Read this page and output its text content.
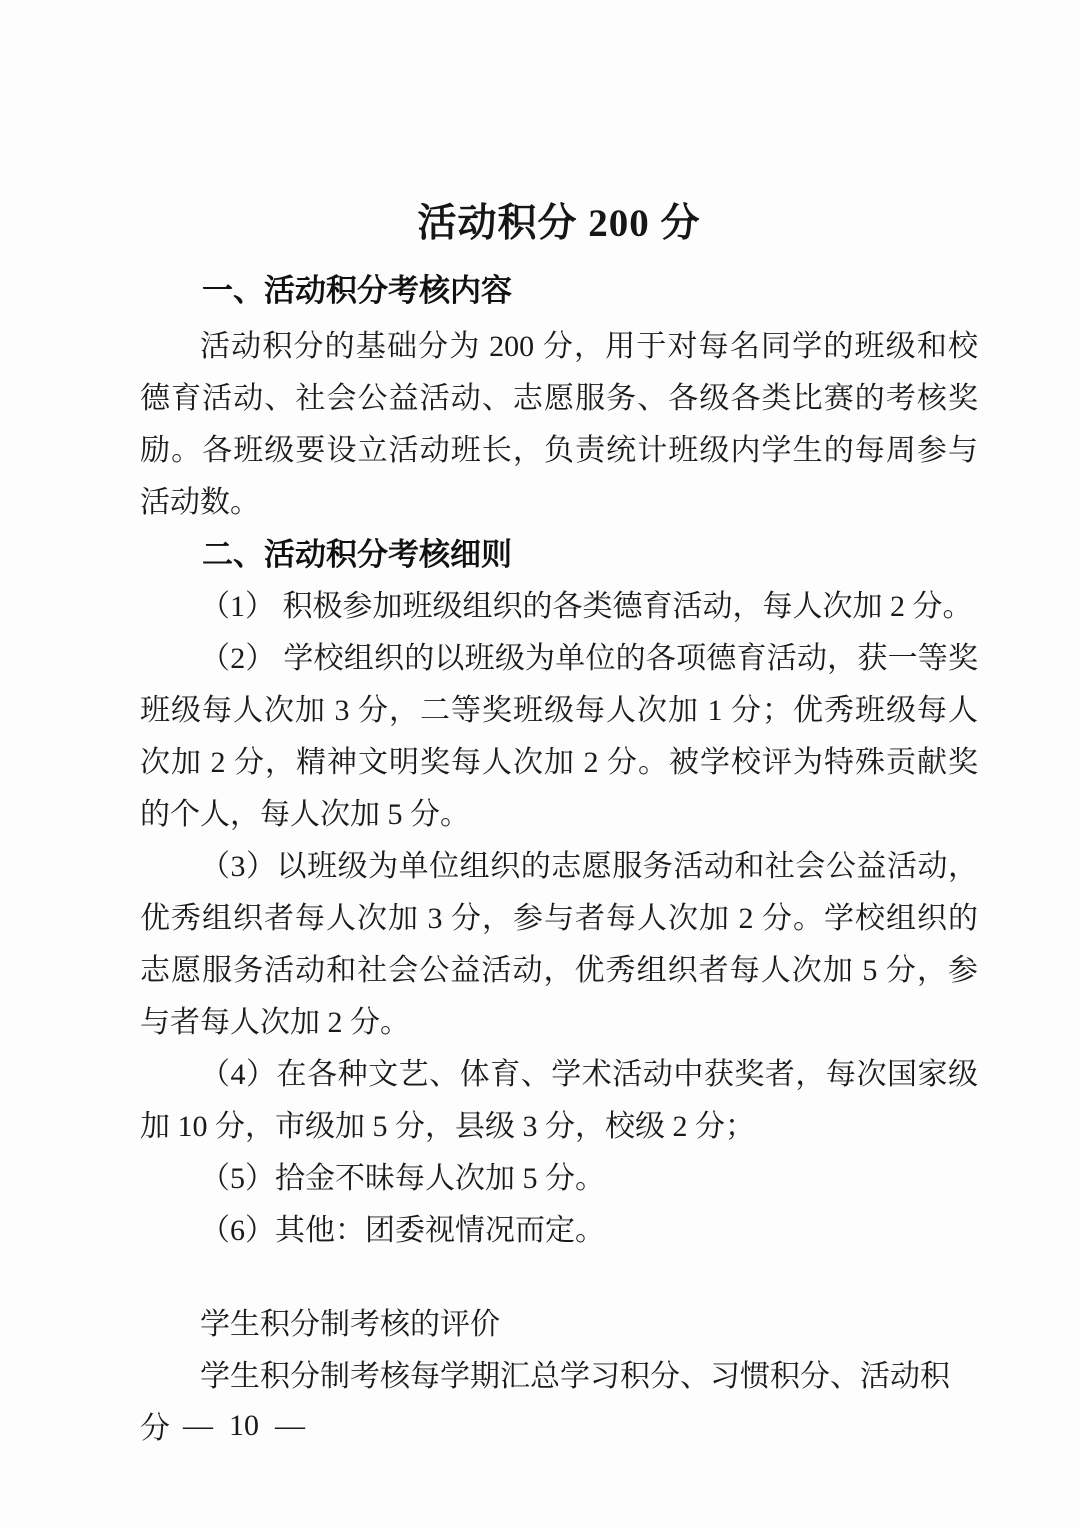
活动积分 200 分
一、活动积分考核内容

活动积分的基础分为 200 分，用于对每名同学的班级和校德育活动、社会公益活动、志愿服务、各级各类比赛的考核奖励。各班级要设立活动班长，负责统计班级内学生的每周参与活动数。

二、活动积分考核细则

（1） 积极参加班级组织的各类德育活动，每人次加 2 分。

（2） 学校组织的以班级为单位的各项德育活动，获一等奖班级每人次加 3 分，二等奖班级每人次加 1 分；优秀班级每人次加 2 分，精神文明奖每人次加 2 分。被学校评为特殊贡献奖的个人，每人次加 5 分。

（3）以班级为单位组织的志愿服务活动和社会公益活动，优秀组织者每人次加 3 分，参与者每人次加 2 分。学校组织的志愿服务活动和社会公益活动，优秀组织者每人次加 5 分，参与者每人次加 2 分。

（4）在各种文艺、体育、学术活动中获奖者，每次国家级加 10 分，市级加 5 分，县级 3 分，校级 2 分；

（5）拾金不昧每人次加 5 分。

（6）其他：团委视情况而定。

学生积分制考核的评价

学生积分制考核每学期汇总学习积分、习惯积分、活动积分 — 10 —
